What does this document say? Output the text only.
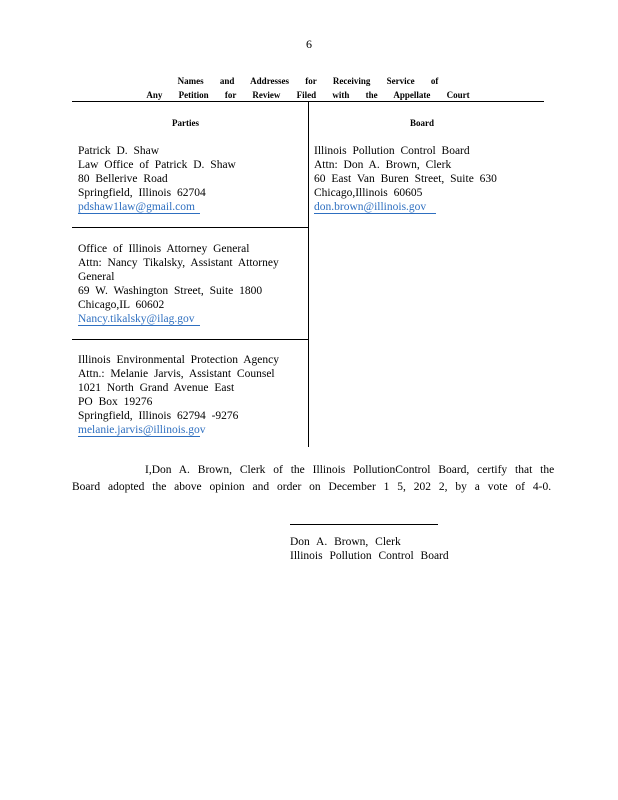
6
Names and Addresses for Receiving Service of
Any Petition for Review Filed with the Appellate Court
Parties	Board
Patrick D. Shaw
Law Office of Patrick D. Shaw
80 Bellerive Road
Springfield, Illinois 62704
pdshaw1law@gmail.com
Office of Illinois Attorney General
Attn: Nancy Tikalsky, Assistant Attorney
General
69 W. Washington Street, Suite 1800
Chicago,IL 60602
Nancy.tikalsky@ilag.gov
Illinois Environmental Protection Agency
Attn.: Melanie Jarvis, Assistant Counsel
1021 North Grand Avenue East
PO Box 19276
Springfield, Illinois 62794 -9276
melanie.jarvis@illinois.gov
Illinois Pollution Control Board
Attn: Don A. Brown, Clerk
60 East Van Buren Street, Suite 630
Chicago,Illinois 60605
don.brown@illinois.gov
I,Don A. Brown, Clerk of the Illinois PollutionControl Board, certify that the
Board adopted the above opinion and order on December 1 5, 202 2, by a vote of 4-0.
Don A. Brown, Clerk
Illinois Pollution Control Board
